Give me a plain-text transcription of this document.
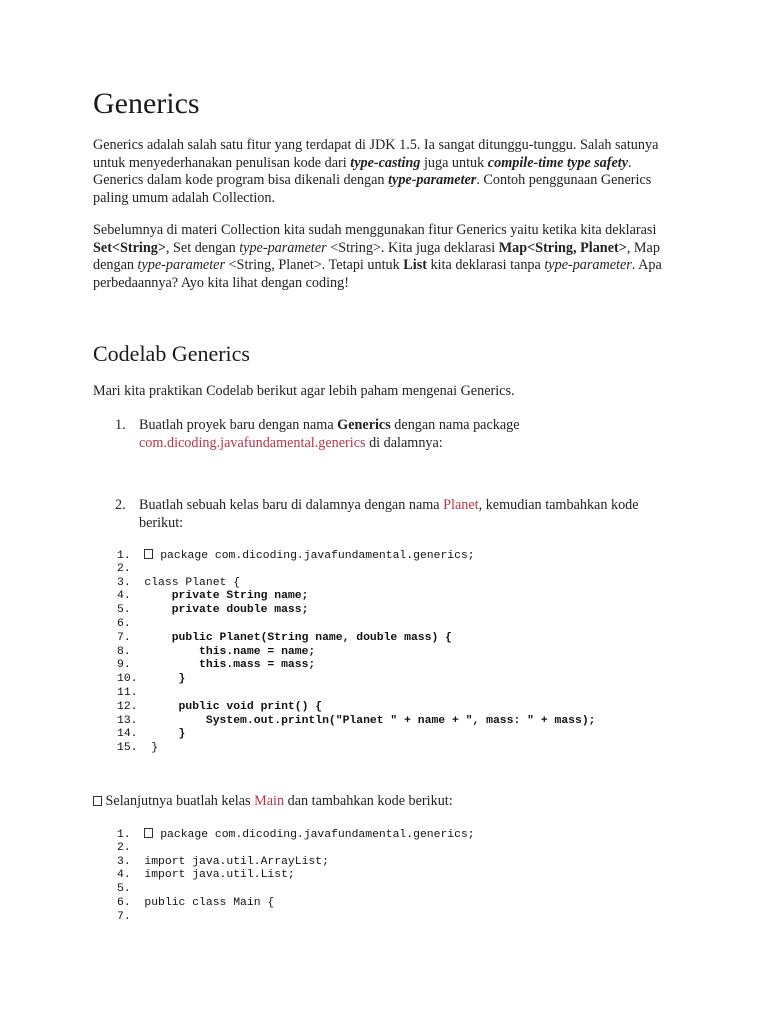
Generics

Generics adalah salah satu fitur yang terdapat di JDK 1.5. Ia sangat ditunggu-tunggu. Salah satunya untuk menyederhanakan penulisan kode dari type-casting juga untuk compile-time type safety. Generics dalam kode program bisa dikenali dengan type-parameter. Contoh penggunaan Generics paling umum adalah Collection.

Sebelumnya di materi Collection kita sudah menggunakan fitur Generics yaitu ketika kita deklarasi Set<String>, Set dengan type-parameter <String>. Kita juga deklarasi Map<String, Planet>, Map dengan type-parameter <String, Planet>. Tetapi untuk List kita deklarasi tanpa type-parameter. Apa perbedaannya? Ayo kita lihat dengan coding!

Codelab Generics

Mari kita praktikan Codelab berikut agar lebih paham mengenai Generics.

1. Buatlah proyek baru dengan nama Generics dengan nama package com.dicoding.javafundamental.generics di dalamnya:
2. Buatlah sebuah kelas baru di dalamnya dengan nama Planet, kemudian tambahkan kode berikut:
1.   package com.dicoding.javafundamental.generics;
2.
3.  class Planet {
4.      private String name;
5.      private double mass;
6.
7.      public Planet(String name, double mass) {
8.          this.name = name;
9.          this.mass = mass;
10.      }
11.
12.      public void print() {
13.          System.out.println("Planet " + name + ", mass: " + mass);
14.      }
15.  }
Selanjutnya buatlah kelas Main dan tambahkan kode berikut:
1.   package com.dicoding.javafundamental.generics;
2.
3.  import java.util.ArrayList;
4.  import java.util.List;
5.
6.  public class Main {
7.
